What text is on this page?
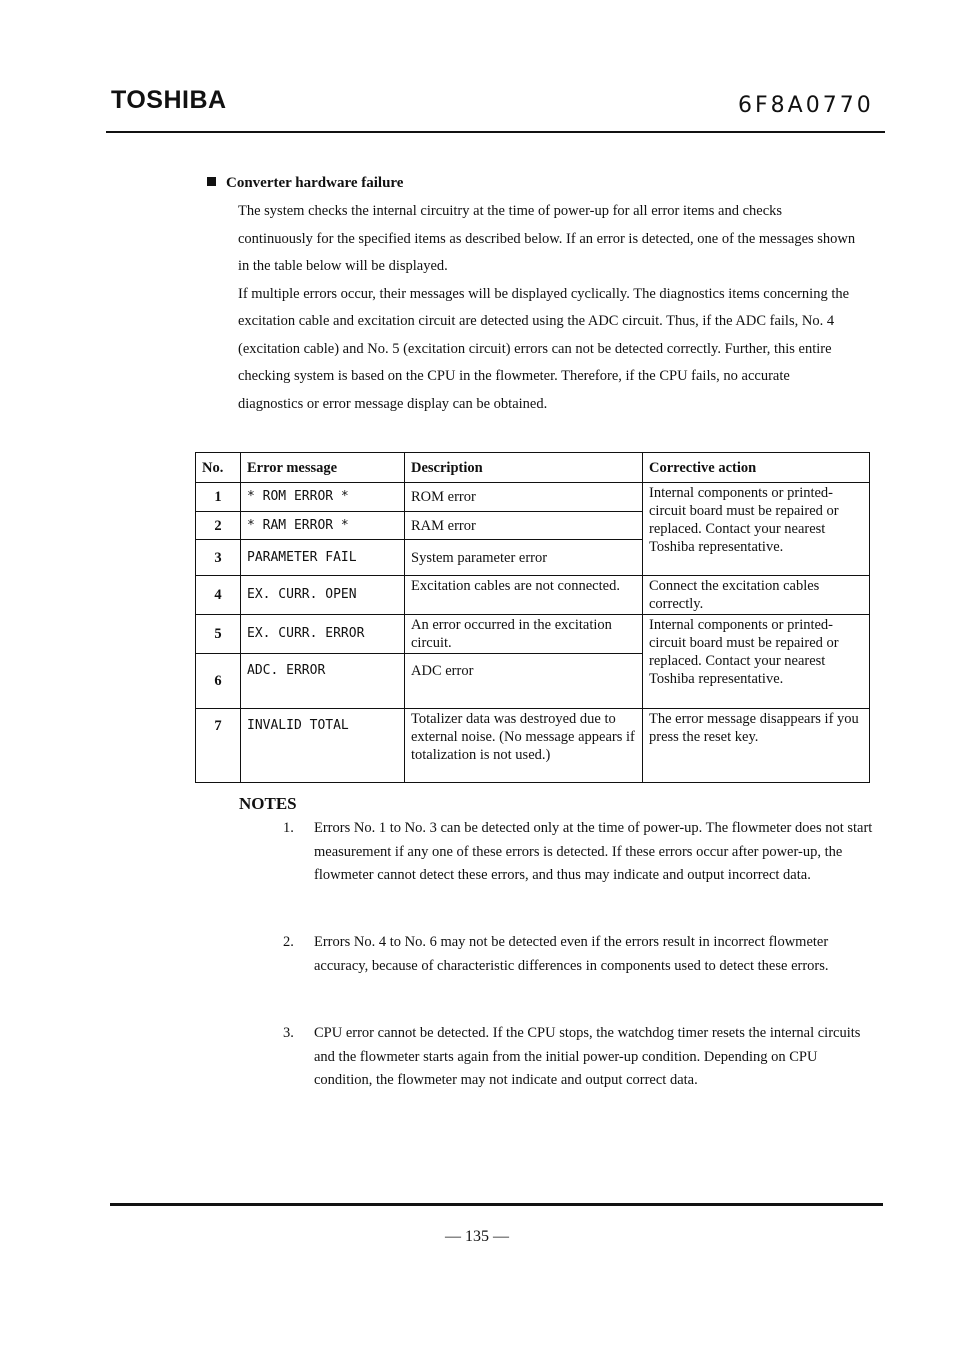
TOSHIBA	6F8A0770
Converter hardware failure

The system checks the internal circuitry at the time of power-up for all error items and checks continuously for the specified items as described below. If an error is detected, one of the messages shown in the table below will be displayed.

If multiple errors occur, their messages will be displayed cyclically. The diagnostics items concerning the excitation cable and excitation circuit are detected using the ADC circuit. Thus, if the ADC fails, No. 4 (excitation cable) and No. 5 (excitation circuit) errors can not be detected correctly. Further, this entire checking system is based on the CPU in the flowmeter. Therefore, if the CPU fails, no accurate diagnostics or error message display can be obtained.

No.	Error message	Description	Corrective action
1	* ROM ERROR *	ROM error	Internal components or printed-circuit board must be repaired or replaced. Contact your nearest Toshiba representative.
2	* RAM ERROR *	RAM error	
3	PARAMETER FAIL	System parameter error	
4	EX. CURR. OPEN	Excitation cables are not connected.	Connect the excitation cables correctly.
5	EX. CURR. ERROR	An error occurred in the excitation circuit.	Internal components or printed-circuit board must be repaired or replaced. Contact your nearest Toshiba representative.
6	ADC. ERROR	ADC error	
7	INVALID TOTAL	Totalizer data was destroyed due to external noise. (No message appears if totalization is not used.)	The error message disappears if you press the reset key.
NOTES
1. Errors No. 1 to No. 3 can be detected only at the time of power-up. The flowmeter does not start measurement if any one of these errors is detected. If these errors occur after power-up, the flowmeter cannot detect these errors, and thus may indicate and output incorrect data.
2. Errors No. 4 to No. 6 may not be detected even if the errors result in incorrect flowmeter accuracy, because of characteristic differences in components used to detect these errors.
3. CPU error cannot be detected. If the CPU stops, the watchdog timer resets the internal circuits and the flowmeter starts again from the initial power-up condition. Depending on CPU condition, the flowmeter may not indicate and output correct data.
— 135 —
